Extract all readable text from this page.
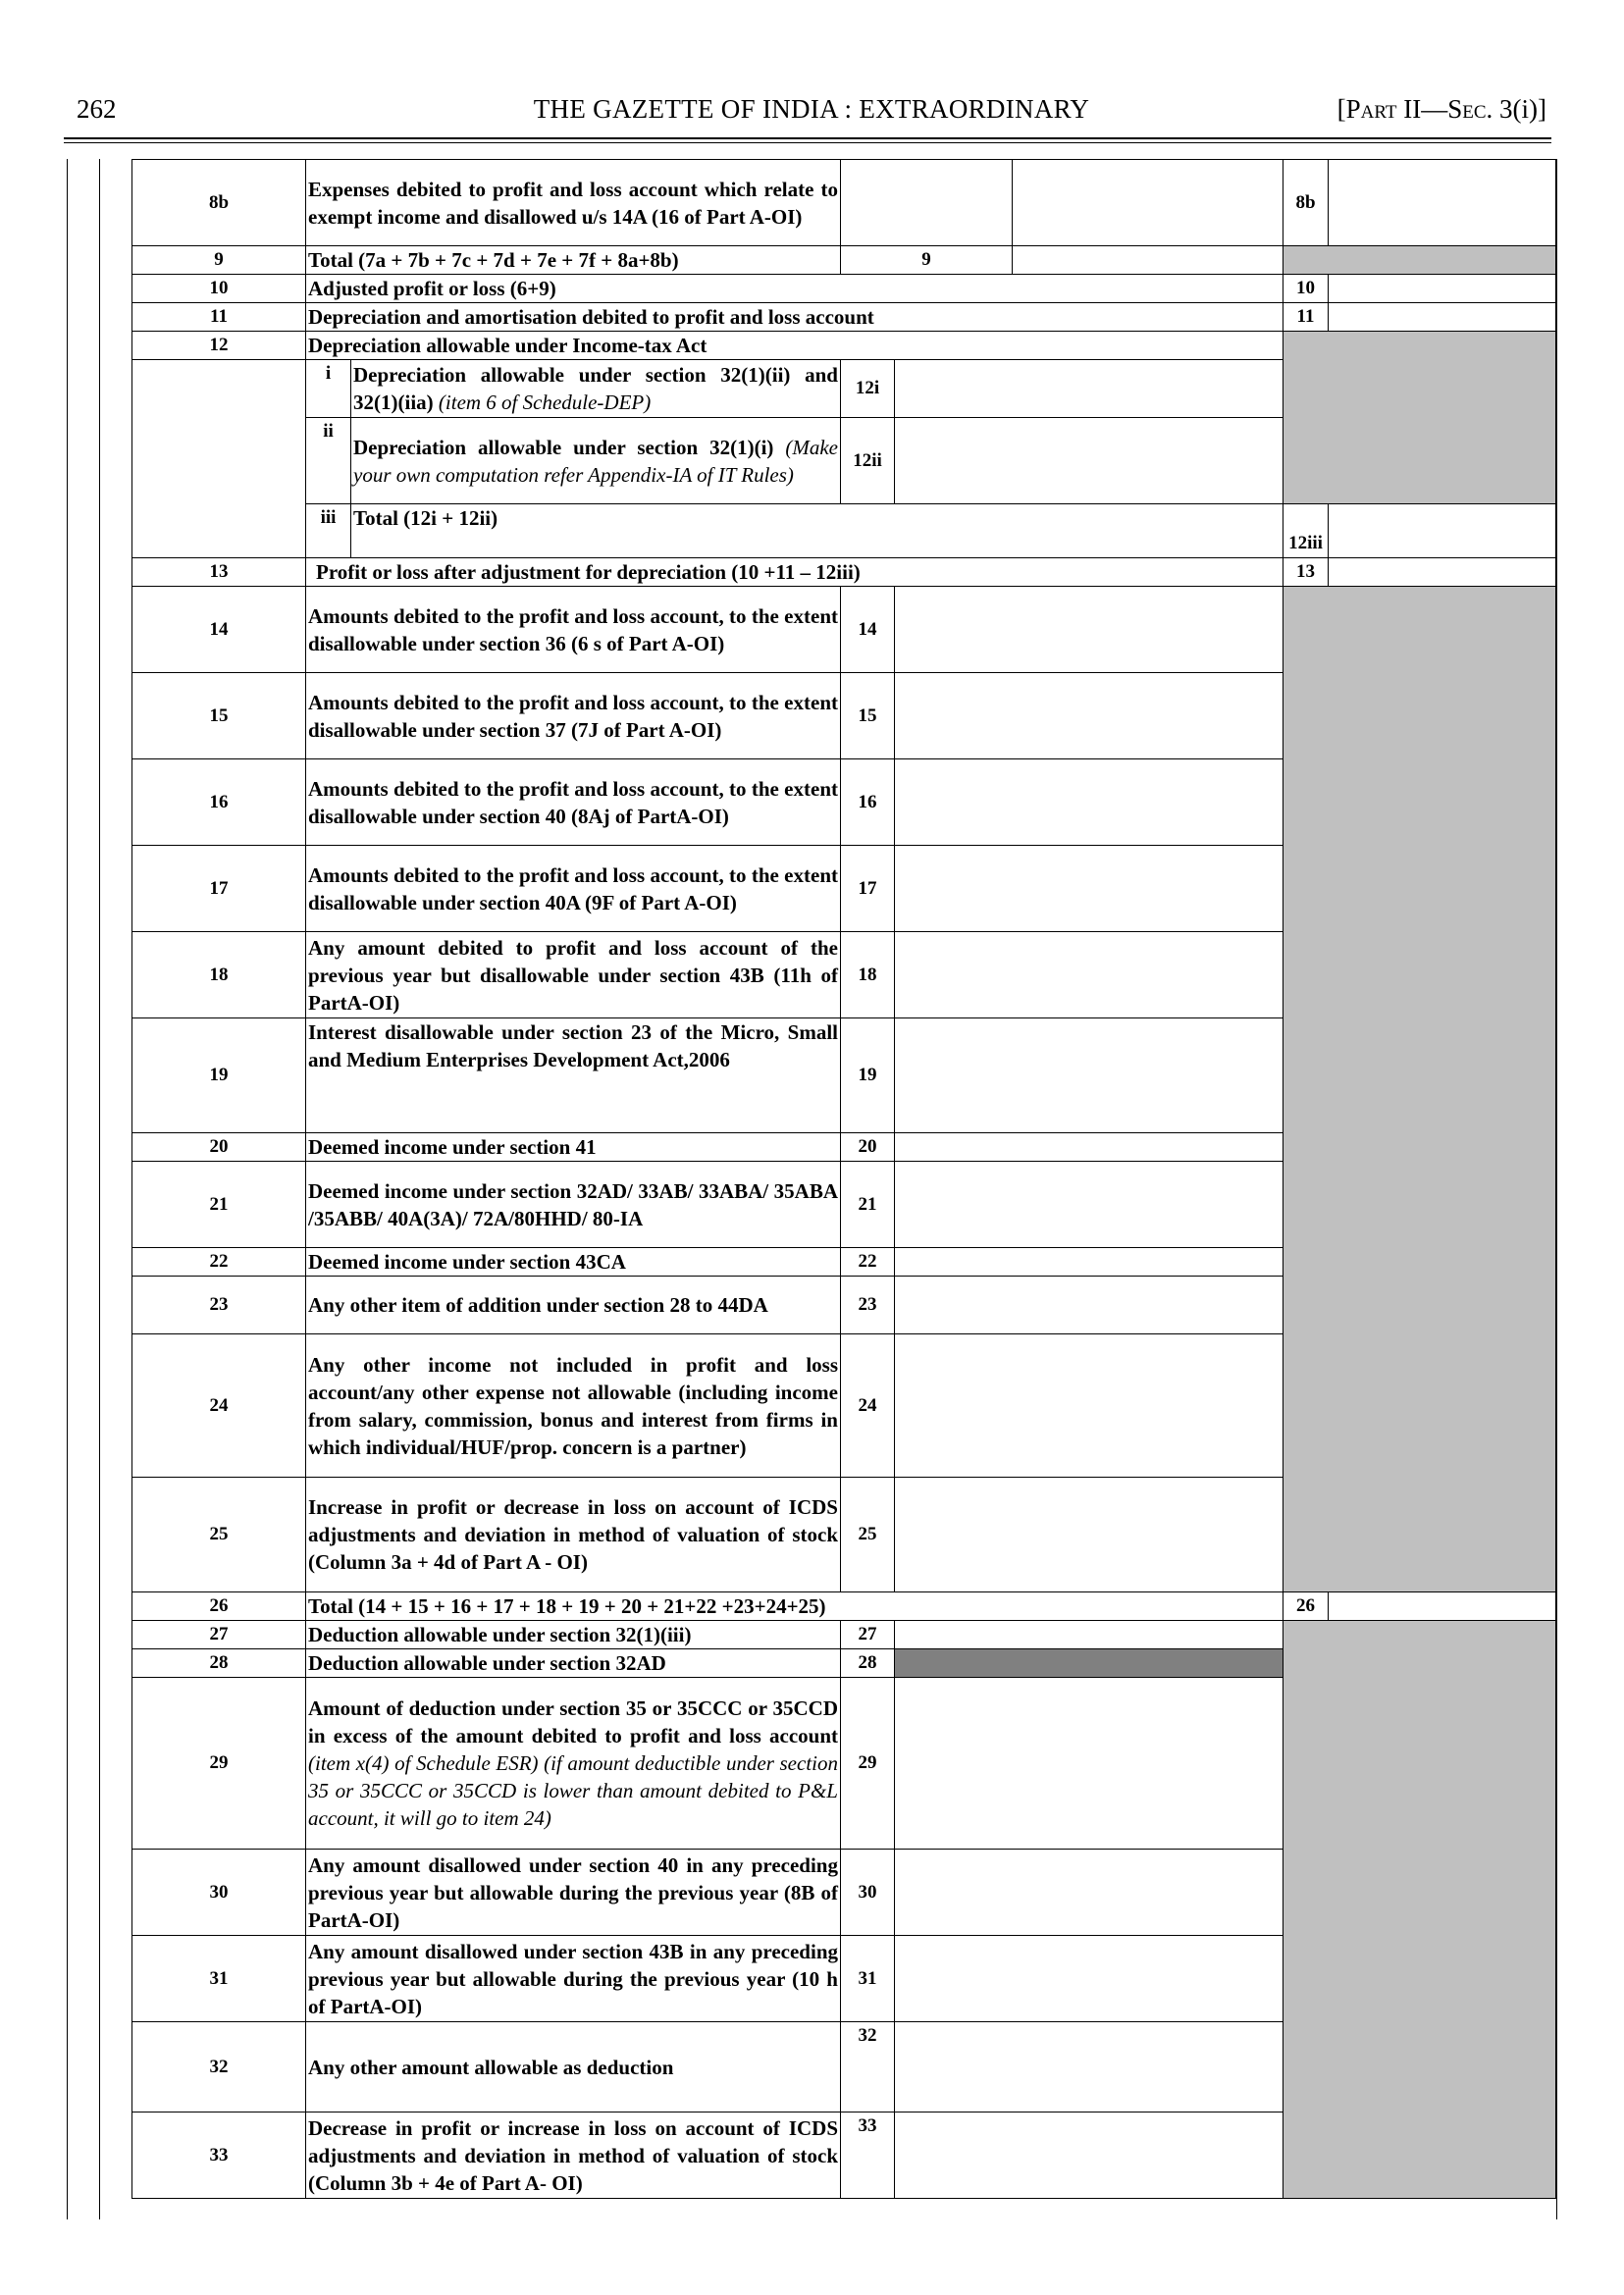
262	THE GAZETTE OF INDIA : EXTRAORDINARY	[Part II—Sec. 3(i)]
8b	Expenses debited to profit and loss account which relate to exempt income and disallowed u/s 14A (16 of Part A-OI)					8b	
9	Total (7a + 7b + 7c + 7d + 7e + 7f + 8a+8b)		9				
10	Adjusted profit or loss (6+9)					10	
11	Depreciation and amortisation debited to profit and loss account					11	
12	Depreciation allowable under Income-tax Act						
	i	Depreciation allowable under section 32(1)(ii) and 32(1)(iia) (item 6 of Schedule-DEP)	12i				
	ii	Depreciation allowable under section 32(1)(i) (Make your own computation refer Appendix-IA of IT Rules)	12ii				
	iii	Total (12i + 12ii)				12iii	
13	Profit or loss after adjustment for depreciation (10 +11 – 12iii)					13	
14	Amounts debited to the profit and loss account, to the extent disallowable under section 36 (6 s of Part A-OI)		14				
15	Amounts debited to the profit and loss account, to the extent disallowable under section 37 (7J of Part A-OI)		15				
16	Amounts debited to the profit and loss account, to the extent disallowable under section 40 (8Aj of PartA-OI)		16				
17	Amounts debited to the profit and loss account, to the extent disallowable under section 40A (9F of Part A-OI)		17				
18	Any amount debited to profit and loss account of the previous year but disallowable under section 43B (11h of PartA-OI)		18				
19	Interest disallowable under section 23 of the Micro, Small and Medium Enterprises Development Act,2006		19				
20	Deemed income under section 41		20				
21	Deemed income under section 32AD/ 33AB/ 33ABA/ 35ABA /35ABB/ 40A(3A)/ 72A/80HHD/ 80-IA		21				
22	Deemed income under section 43CA		22				
23	Any other item of addition under section 28 to 44DA		23				
24	Any other income not included in profit and loss account/any other expense not allowable (including income from salary, commission, bonus and interest from firms in which individual/HUF/prop. concern is a partner)		24				
25	Increase in profit or decrease in loss on account of ICDS adjustments and deviation in method of valuation of stock (Column 3a + 4d of Part A - OI)		25				
26	Total (14 + 15 + 16 + 17 + 18 + 19 + 20 + 21+22 +23+24+25)					26	
27	Deduction allowable under section 32(1)(iii)		27				
28	Deduction allowable under section 32AD		28				
29	Amount of deduction under section 35 or 35CCC or 35CCD in excess of the amount debited to profit and loss account (item x(4) of Schedule ESR) (if amount deductible under section 35 or 35CCC or 35CCD is lower than amount debited to P&L account, it will go to item 24)		29				
30	Any amount disallowed under section 40 in any preceding previous year but allowable during the previous year (8B of PartA-OI)		30				
31	Any amount disallowed under section 43B in any preceding previous year but allowable during the previous year (10 h of PartA-OI)		31				
32	Any other amount allowable as deduction		32				
33	Decrease in profit or increase in loss on account of ICDS adjustments and deviation in method of valuation of stock (Column 3b + 4e of Part A- OI)		33				
